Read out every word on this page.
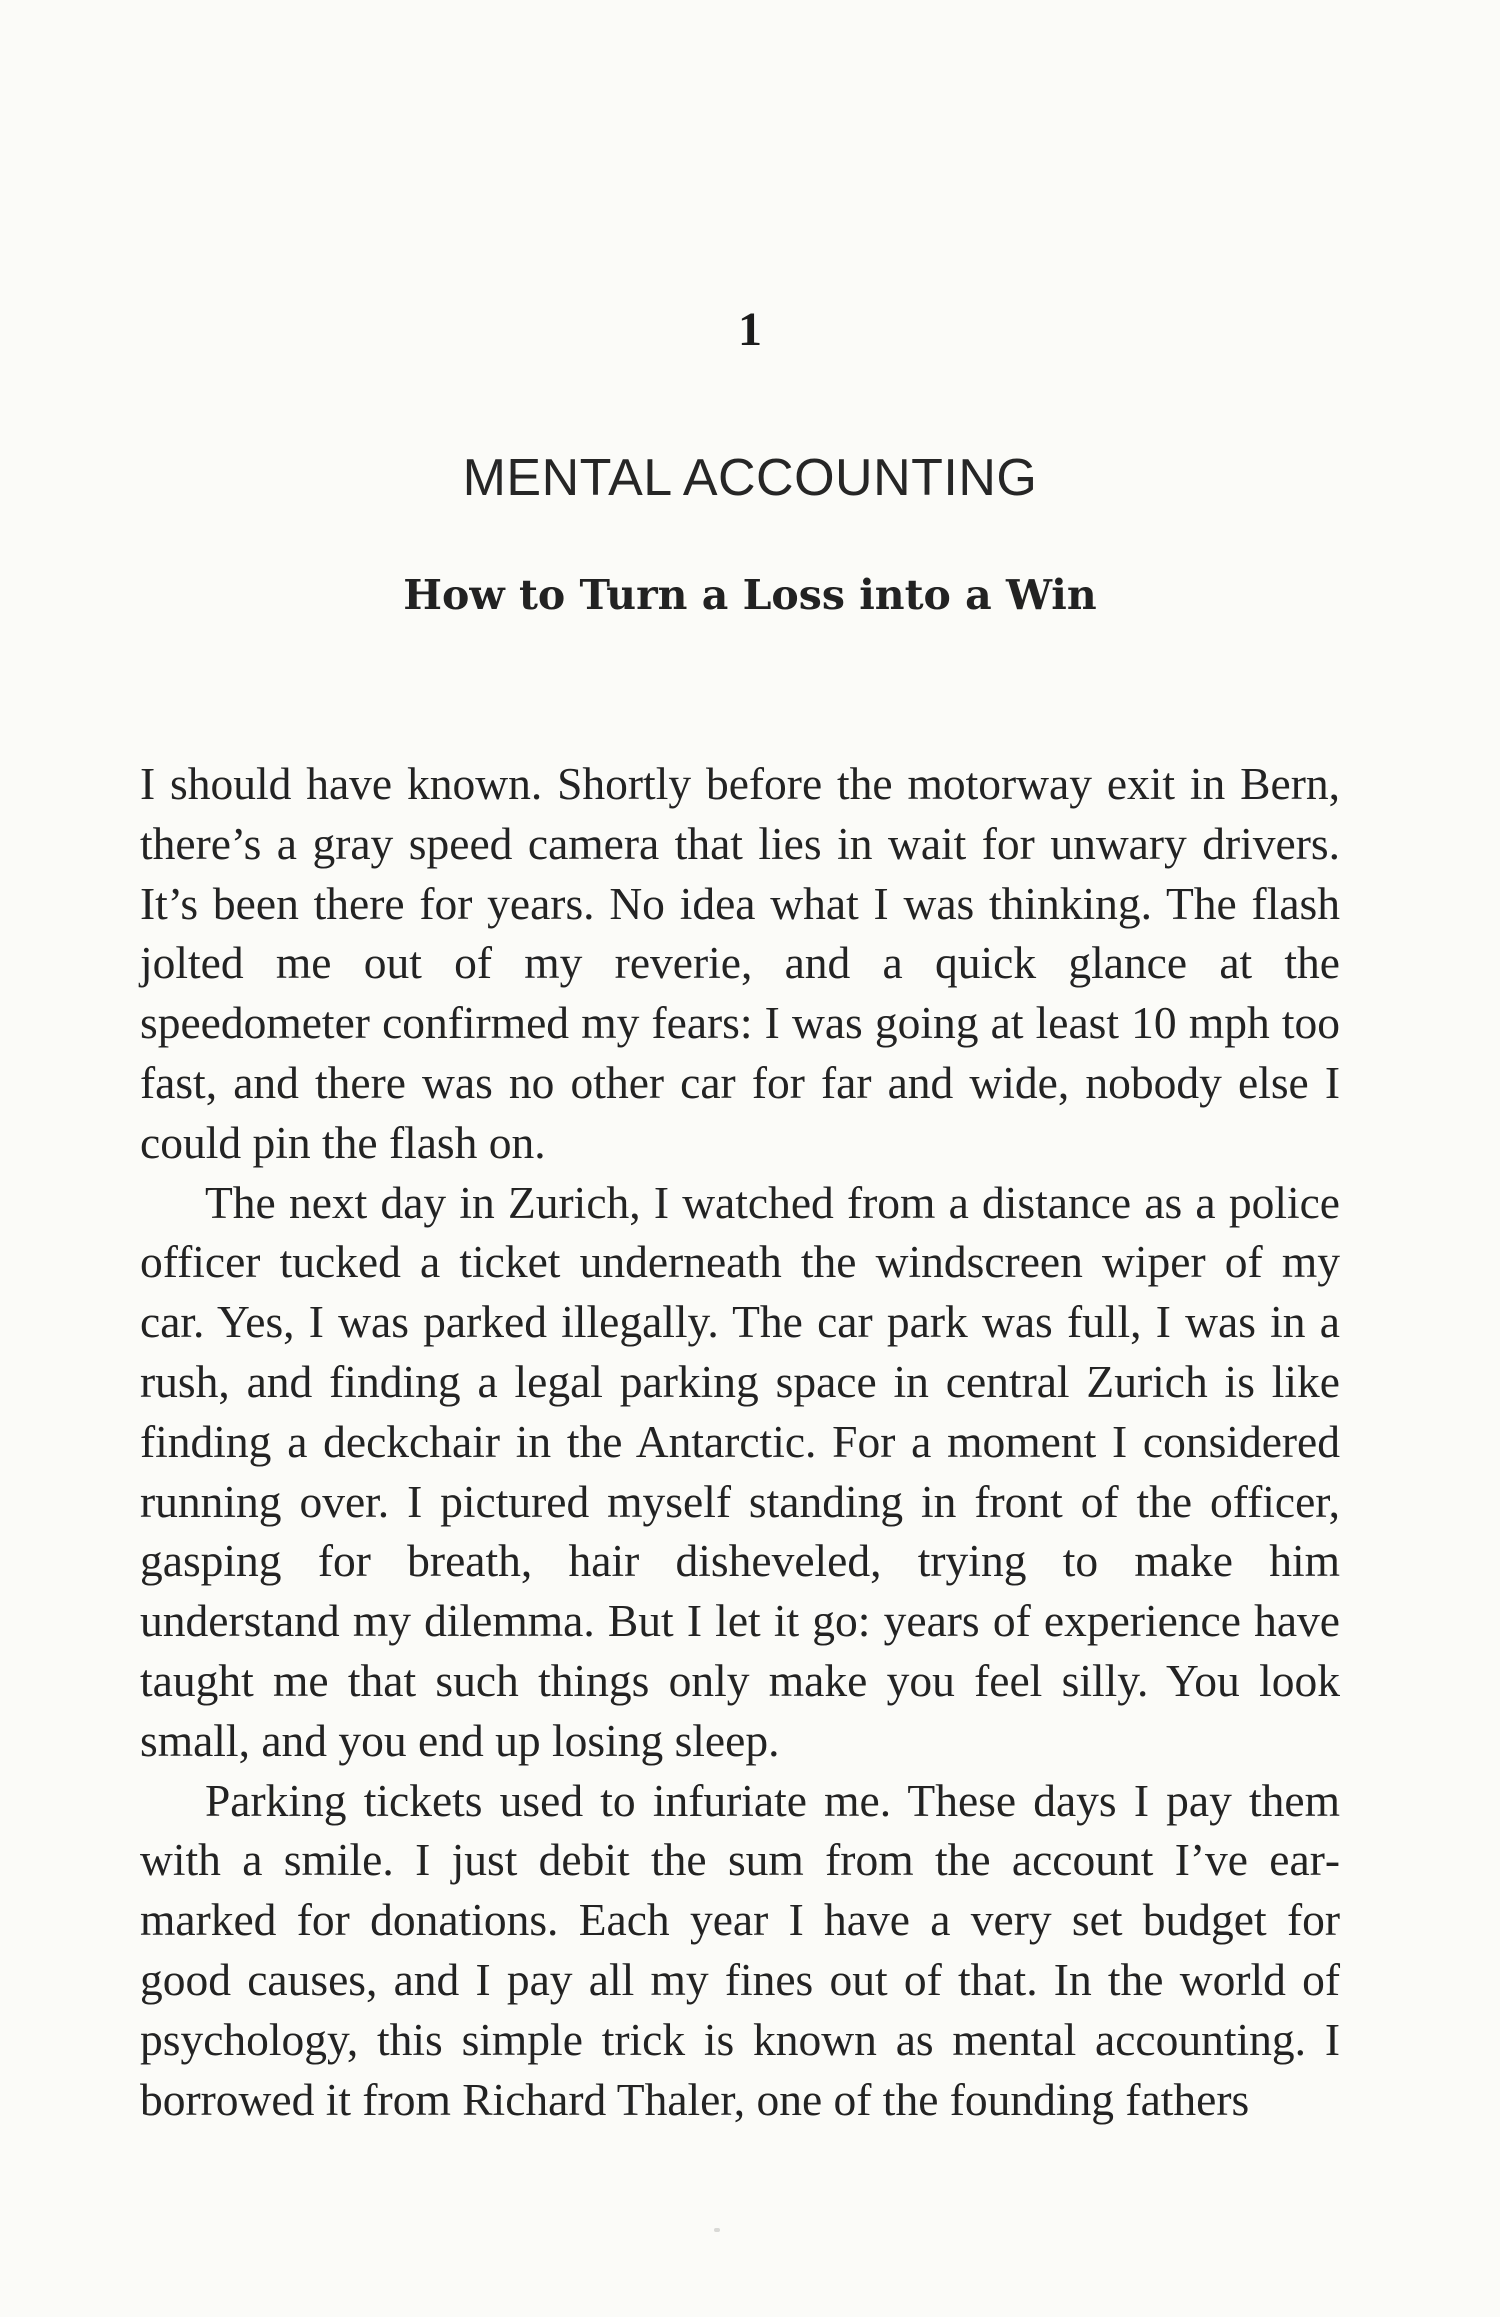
1
MENTAL ACCOUNTING
How to Turn a Loss into a Win

I should have known. Shortly before the motorway exit in Bern, there’s a gray speed camera that lies in wait for unwary drivers. It’s been there for years. No idea what I was thinking. The flash jolted me out of my reverie, and a quick glance at the speedometer confirmed my fears: I was going at least 10 mph too fast, and there was no other car for far and wide, nobody else I could pin the flash on.

The next day in Zurich, I watched from a distance as a police officer tucked a ticket underneath the windscreen wiper of my car. Yes, I was parked illegally. The car park was full, I was in a rush, and finding a legal parking space in central Zurich is like finding a deckchair in the Antarctic. For a moment I considered running over. I pictured myself standing in front of the officer, gasping for breath, hair disheveled, trying to make him understand my dilemma. But I let it go: years of experience have taught me that such things only make you feel silly. You look small, and you end up losing sleep.

Parking tickets used to infuriate me. These days I pay them with a smile. I just debit the sum from the account I’ve earmarked for donations. Each year I have a very set budget for good causes, and I pay all my fines out of that. In the world of psychology, this simple trick is known as mental accounting. I borrowed it from Richard Thaler, one of the founding fathers
